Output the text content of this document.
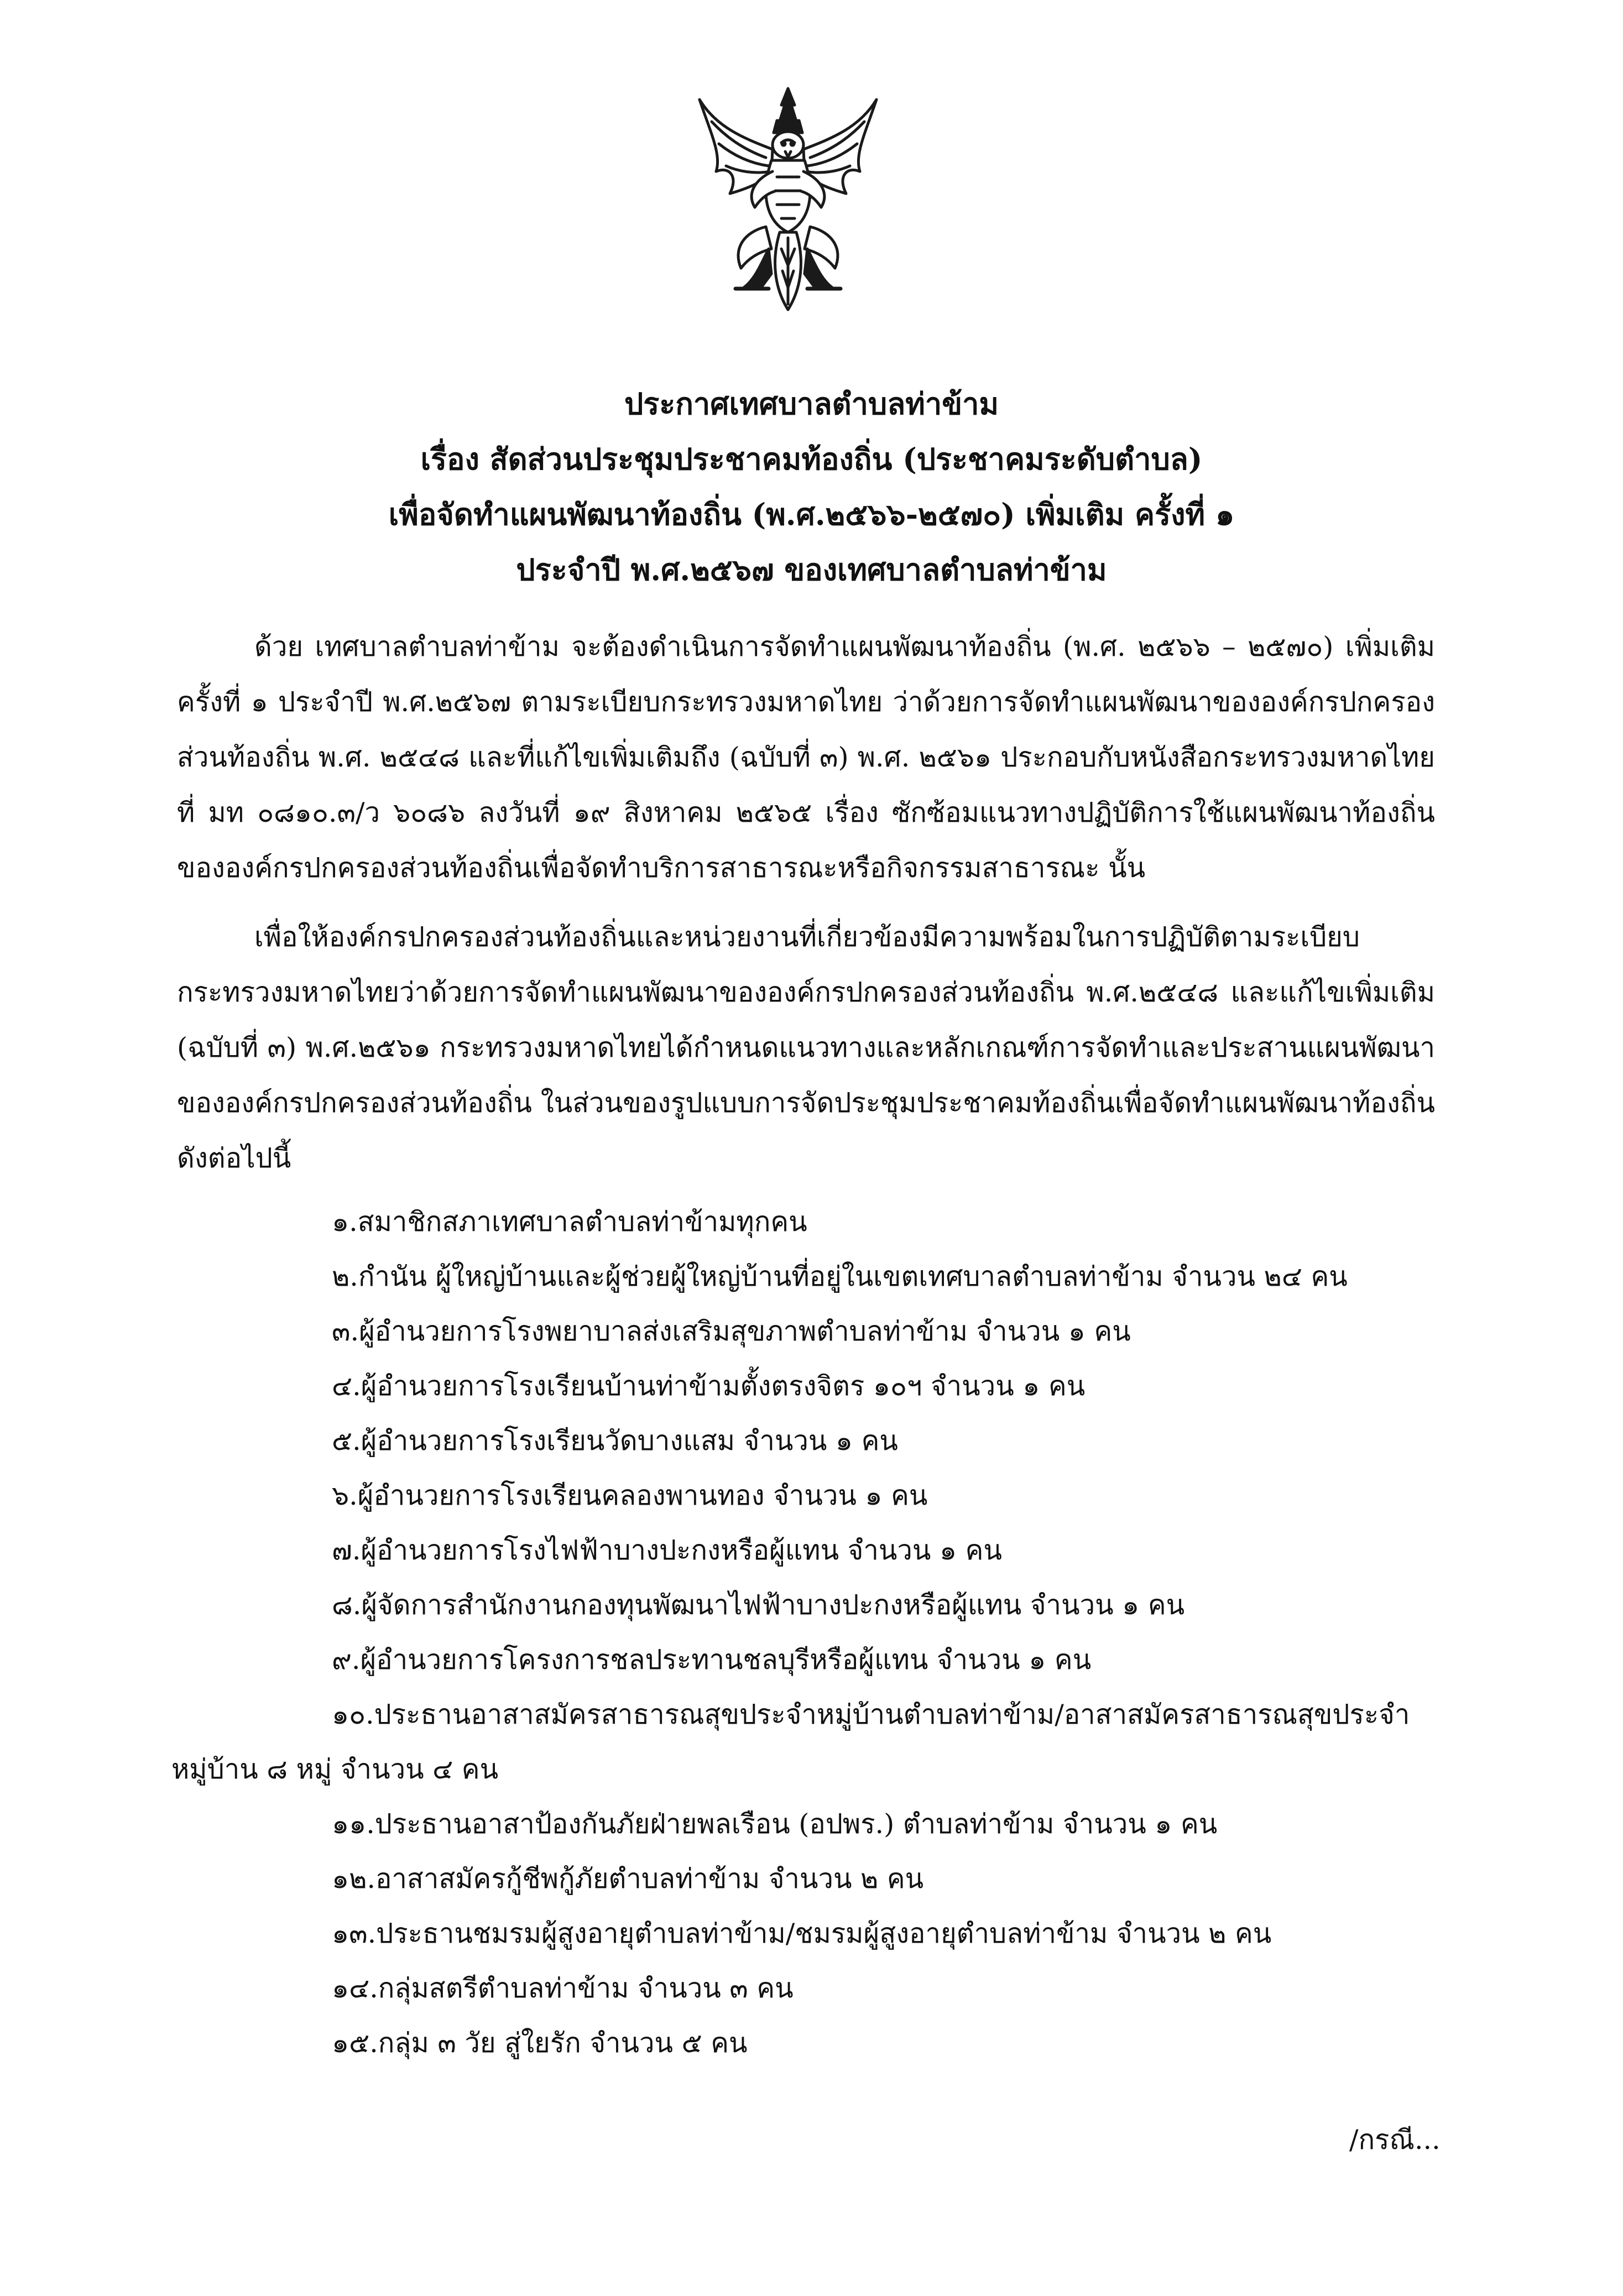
ประกาศเทศบาลตำบลท่าข้าม
เรื่อง สัดส่วนประชุมประชาคมท้องถิ่น (ประชาคมระดับตำบล)
เพื่อจัดทำแผนพัฒนาท้องถิ่น (พ.ศ.๒๕๖๖-๒๕๗๐) เพิ่มเติม ครั้งที่ ๑
ประจำปี พ.ศ.๒๕๖๗ ของเทศบาลตำบลท่าข้าม
ด้วย เทศบาลตำบลท่าข้าม จะต้องดำเนินการจัดทำแผนพัฒนาท้องถิ่น (พ.ศ. ๒๕๖๖ – ๒๕๗๐) เพิ่มเติม ครั้งที่ ๑ ประจำปี พ.ศ.๒๕๖๗ ตามระเบียบกระทรวงมหาดไทย ว่าด้วยการจัดทำแผนพัฒนาขององค์กรปกครองส่วนท้องถิ่น พ.ศ. ๒๕๔๘ และที่แก้ไขเพิ่มเติมถึง (ฉบับที่ ๓) พ.ศ. ๒๕๖๑ ประกอบกับหนังสือกระทรวงมหาดไทย ที่ มท ๐๘๑๐.๓/ว ๖๐๘๖ ลงวันที่ ๑๙ สิงหาคม ๒๕๖๕ เรื่อง ซักซ้อมแนวทางปฏิบัติการใช้แผนพัฒนาท้องถิ่นขององค์กรปกครองส่วนท้องถิ่นเพื่อจัดทำบริการสาธารณะหรือกิจกรรมสาธารณะ นั้น
เพื่อให้องค์กรปกครองส่วนท้องถิ่นและหน่วยงานที่เกี่ยวข้องมีความพร้อมในการปฏิบัติตามระเบียบกระทรวงมหาดไทยว่าด้วยการจัดทำแผนพัฒนาขององค์กรปกครองส่วนท้องถิ่น พ.ศ.๒๕๔๘ และแก้ไขเพิ่มเติม (ฉบับที่ ๓) พ.ศ.๒๕๖๑ กระทรวงมหาดไทยได้กำหนดแนวทางและหลักเกณฑ์การจัดทำและประสานแผนพัฒนาขององค์กรปกครองส่วนท้องถิ่น ในส่วนของรูปแบบการจัดประชุมประชาคมท้องถิ่นเพื่อจัดทำแผนพัฒนาท้องถิ่น ดังต่อไปนี้
๑.สมาชิกสภาเทศบาลตำบลท่าข้ามทุกคน
๒.กำนัน ผู้ใหญ่บ้านและผู้ช่วยผู้ใหญ่บ้านที่อยู่ในเขตเทศบาลตำบลท่าข้าม จำนวน ๒๔ คน
๓.ผู้อำนวยการโรงพยาบาลส่งเสริมสุขภาพตำบลท่าข้าม จำนวน ๑ คน
๔.ผู้อำนวยการโรงเรียนบ้านท่าข้ามตั้งตรงจิตร ๑๐ฯ จำนวน ๑ คน
๕.ผู้อำนวยการโรงเรียนวัดบางแสม จำนวน ๑ คน
๖.ผู้อำนวยการโรงเรียนคลองพานทอง จำนวน ๑ คน
๗.ผู้อำนวยการโรงไฟฟ้าบางปะกงหรือผู้แทน จำนวน ๑ คน
๘.ผู้จัดการสำนักงานกองทุนพัฒนาไฟฟ้าบางปะกงหรือผู้แทน จำนวน ๑ คน
๙.ผู้อำนวยการโครงการชลประทานชลบุรีหรือผู้แทน จำนวน ๑ คน
๑๐.ประธานอาสาสมัครสาธารณสุขประจำหมู่บ้านตำบลท่าข้าม/อาสาสมัครสาธารณสุขประจำหมู่บ้าน ๘ หมู่ จำนวน ๔ คน
๑๑.ประธานอาสาป้องกันภัยฝ่ายพลเรือน (อปพร.) ตำบลท่าข้าม จำนวน ๑ คน
๑๒.อาสาสมัครกู้ชีพกู้ภัยตำบลท่าข้าม จำนวน ๒ คน
๑๓.ประธานชมรมผู้สูงอายุตำบลท่าข้าม/ชมรมผู้สูงอายุตำบลท่าข้าม จำนวน ๒ คน
๑๔.กลุ่มสตรีตำบลท่าข้าม จำนวน ๓ คน
๑๕.กลุ่ม ๓ วัย สู่ใยรัก จำนวน ๕ คน
/กรณี...
